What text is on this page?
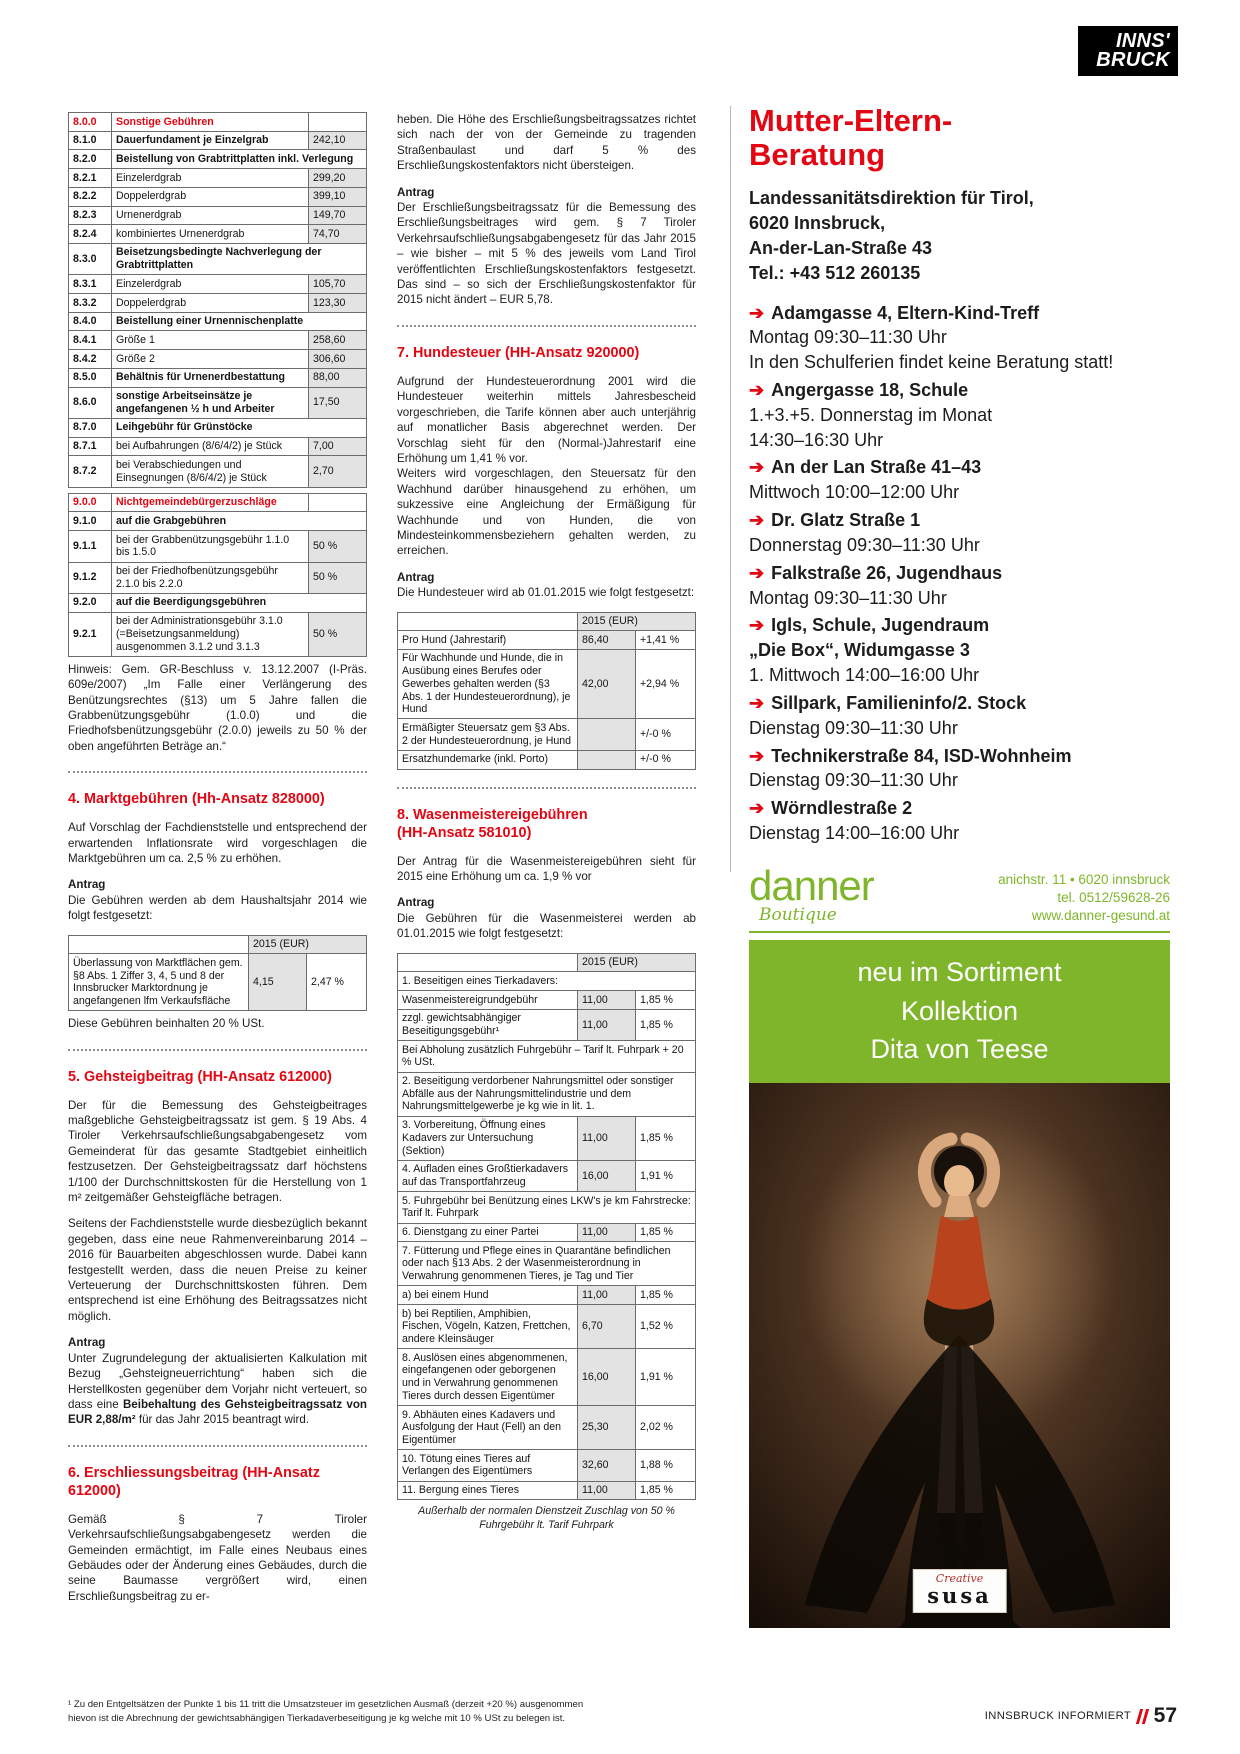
INNS'
BRUCK
8.0.0	Sonstige Gebühren	
8.1.0	Dauerfundament je Einzelgrab	242,10
8.2.0	Beistellung von Grabtrittplatten inkl. Verlegung	
8.2.1	Einzelerdgrab	299,20
8.2.2	Doppelerdgrab	399,10
8.2.3	Urnenerdgrab	149,70
8.2.4	kombiniertes Urnenerdgrab	74,70
8.3.0	Beisetzungsbedingte Nachverlegung der Grabtrittplatten	
8.3.1	Einzelerdgrab	105,70
8.3.2	Doppelerdgrab	123,30
8.4.0	Beistellung einer Urnennischenplatte	
8.4.1	Größe 1	258,60
8.4.2	Größe 2	306,60
8.5.0	Behältnis für Urnenerdbestattung	88,00
8.6.0	sonstige Arbeitseinsätze je angefangenen ½ h und Arbeiter	17,50
8.7.0	Leihgebühr für Grünstöcke	
8.7.1	bei Aufbahrungen (8/6/4/2) je Stück	7,00
8.7.2	bei Verabschiedungen und Einsegnungen (8/6/4/2) je Stück	2,70
9.0.0	Nichtgemeindebürgerzuschläge	
9.1.0	auf die Grabgebühren	
9.1.1	bei der Grabbenützungsgebühr 1.1.0 bis 1.5.0	50 %
9.1.2	bei der Friedhofbenützungsgebühr 2.1.0 bis 2.2.0	50 %
9.2.0	auf die Beerdigungsgebühren	
9.2.1	bei der Administrationsgebühr 3.1.0 (=Beisetzungsanmeldung) ausgenommen 3.1.2 und 3.1.3	50 %

Hinweis: Gem. GR-Beschluss v. 13.12.2007 (I-Präs. 609e/2007) „Im Falle einer Verlängerung des Benützungsrechtes (§13) um 5 Jahre fallen die Grabbenützungsgebühr (1.0.0) und die Friedhofsbenützungsgebühr (2.0.0) jeweils zu 50 % der oben angeführten Beträge an.“

4. Marktgebühren (Hh-Ansatz 828000)

Auf Vorschlag der Fachdienststelle und entsprechend der erwartenden Inflationsrate wird vorgeschlagen die Marktgebühren um ca. 2,5 % zu erhöhen.

Antrag

Die Gebühren werden ab dem Haushaltsjahr 2014 wie folgt festgesetzt:

	2015 (EUR)	
Überlassung von Marktflächen gem. §8 Abs. 1 Ziffer 3, 4, 5 und 8 der Innsbrucker Marktordnung je angefangenen lfm Verkaufsfläche	4,15	2,47 %

Diese Gebühren beinhalten 20 % USt.

5. Gehsteigbeitrag (HH-Ansatz 612000)

Der für die Bemessung des Gehsteigbeitrages maßgebliche Gehsteigbeitragssatz ist gem. § 19 Abs. 4 Tiroler Verkehrsaufschließungsabgabengesetz vom Gemeinderat für das gesamte Stadtgebiet einheitlich festzusetzen. Der Gehsteigbeitragssatz darf höchstens 1/100 der Durchschnittskosten für die Herstellung von 1 m² zeitgemäßer Gehsteigfläche betragen.

Seitens der Fachdienststelle wurde diesbezüglich bekannt gegeben, dass eine neue Rahmenvereinbarung 2014 – 2016 für Bauarbeiten abgeschlossen wurde. Dabei kann festgestellt werden, dass die neuen Preise zu keiner Verteuerung der Durchschnittskosten führen. Dem entsprechend ist eine Erhöhung des Beitragssatzes nicht möglich.

Antrag

Unter Zugrundelegung der aktualisierten Kalkulation mit Bezug „Gehsteigneuerrichtung“ haben sich die Herstellkosten gegenüber dem Vorjahr nicht verteuert, so dass eine Beibehaltung des Gehsteigbeitragssatz von EUR 2,88/m² für das Jahr 2015 beantragt wird.

6. Erschliessungsbeitrag (HH-Ansatz 612000)

Gemäß § 7 Tiroler Verkehrsaufschließungsabgabengesetz werden die Gemeinden ermächtigt, im Falle eines Neubaus eines Gebäudes oder der Änderung eines Gebäudes, durch die seine Baumasse vergrößert wird, einen Erschließungsbeitrag zu er-

heben. Die Höhe des Erschließungsbeitragssatzes richtet sich nach der von der Gemeinde zu tragenden Straßenbaulast und darf 5 % des Erschließungskostenfaktors nicht übersteigen.

Antrag

Der Erschließungsbeitragssatz für die Bemessung des Erschließungsbeitrages wird gem. § 7 Tiroler Verkehrsaufschließungsabgabengesetz für das Jahr 2015 – wie bisher – mit 5 % des jeweils vom Land Tirol veröffentlichten Erschließungskostenfaktors festgesetzt. Das sind – so sich der Erschließungskostenfaktor für 2015 nicht ändert – EUR 5,78.

7. Hundesteuer (HH-Ansatz 920000)

Aufgrund der Hundesteuerordnung 2001 wird die Hundesteuer weiterhin mittels Jahresbescheid vorgeschrieben, die Tarife können aber auch unterjährig auf monatlicher Basis abgerechnet werden. Der Vorschlag sieht für den (Normal-)Jahrestarif eine Erhöhung um 1,41 % vor.

Weiters wird vorgeschlagen, den Steuersatz für den Wachhund darüber hinausgehend zu erhöhen, um sukzessive eine Angleichung der Ermäßigung für Wachhunde und von Hunden, die von Mindesteinkommensbeziehern gehalten werden, zu erreichen.

Antrag

Die Hundesteuer wird ab 01.01.2015 wie folgt festgesetzt:

	2015 (EUR)	
Pro Hund (Jahrestarif)	86,40	+1,41 %
Für Wachhunde und Hunde, die in Ausübung eines Berufes oder Gewerbes gehalten werden (§3 Abs. 1 der Hundesteuerordnung), je Hund	42,00	+2,94 %
Ermäßigter Steuersatz gem §3 Abs. 2 der Hundesteuerordnung, je Hund		+/-0 %
Ersatzhundemarke (inkl. Porto)		+/-0 %
8. Wasenmeistereigebühren
(HH-Ansatz 581010)

Der Antrag für die Wasenmeistereigebühren sieht für 2015 eine Erhöhung um ca. 1,9 % vor

Antrag

Die Gebühren für die Wasenmeisterei werden ab 01.01.2015 wie folgt festgesetzt:

	2015 (EUR)	
1. Beseitigen eines Tierkadavers:		
Wasenmeistereigrundgebühr	11,00	1,85 %
zzgl. gewichtsabhängiger Beseitigungsgebühr¹	11,00	1,85 %
Bei Abholung zusätzlich Fuhrgebühr – Tarif lt. Fuhrpark + 20 % USt.		
2. Beseitigung verdorbener Nahrungsmittel oder sonstiger Abfälle aus der Nahrungsmittelindustrie und dem Nahrungsmittelgewerbe je kg wie in lit. 1.		
3. Vorbereitung, Öffnung eines Kadavers zur Untersuchung (Sektion)	11,00	1,85 %
4. Aufladen eines Großtierkadavers auf das Transportfahrzeug	16,00	1,91 %
5. Fuhrgebühr bei Benützung eines LKW's je km Fahrstrecke: Tarif lt. Fuhrpark		
6. Dienstgang zu einer Partei	11,00	1,85 %
7. Fütterung und Pflege eines in Quarantäne befindlichen oder nach §13 Abs. 2 der Wasenmeisterordnung in Verwahrung genommenen Tieres, je Tag und Tier		
a) bei einem Hund	11,00	1,85 %
b) bei Reptilien, Amphibien, Fischen, Vögeln, Katzen, Frettchen, andere Kleinsäuger	6,70	1,52 %
8. Auslösen eines abgenommenen, eingefangenen oder geborgenen und in Verwahrung genommenen Tieres durch dessen Eigentümer	16,00	1,91 %
9. Abhäuten eines Kadavers und Ausfolgung der Haut (Fell) an den Eigentümer	25,30	2,02 %
10. Tötung eines Tieres auf Verlangen des Eigentümers	32,60	1,88 %
11. Bergung eines Tieres	11,00	1,85 %
Außerhalb der normalen Dienstzeit Zuschlag von 50 % Fuhrgebühr lt. Tarif Fuhrpark
Mutter-Eltern-
Beratung
Landessanitätsdirektion für Tirol,
6020 Innsbruck,
An-der-Lan-Straße 43
Tel.: +43 512 260135
➔ Adamgasse 4, Eltern-Kind-Treff
Montag 09:30–11:30 Uhr
In den Schulferien findet keine Beratung statt!
➔ Angergasse 18, Schule
1.+3.+5. Donnerstag im Monat
14:30–16:30 Uhr
➔ An der Lan Straße 41–43
Mittwoch 10:00–12:00 Uhr
➔ Dr. Glatz Straße 1
Donnerstag 09:30–11:30 Uhr
➔ Falkstraße 26, Jugendhaus
Montag 09:30–11:30 Uhr
➔ Igls, Schule, Jugendraum
„Die Box“, Widumgasse 3
1. Mittwoch 14:00–16:00 Uhr
➔ Sillpark, Familieninfo/2. Stock
Dienstag 09:30–11:30 Uhr
➔ Technikerstraße 84, ISD-Wohnheim
Dienstag 09:30–11:30 Uhr
➔ Wörndlestraße 2
Dienstag 14:00–16:00 Uhr
danner
Boutique
anichstr. 11 • 6020 innsbruck
tel. 0512/59628-26
www.danner-gesund.at
neu im Sortiment
Kollektion
Dita von Teese
Creative
susa
¹ Zu den Entgeltsätzen der Punkte 1 bis 11 tritt die Umsatzsteuer im gesetzlichen Ausmaß (derzeit +20 %) ausgenommen
hievon ist die Abrechnung der gewichtsabhängigen Tierkadaverbeseitigung je kg welche mit 10 % USt zu belegen ist.	INNSBRUCK INFORMIERT 57
